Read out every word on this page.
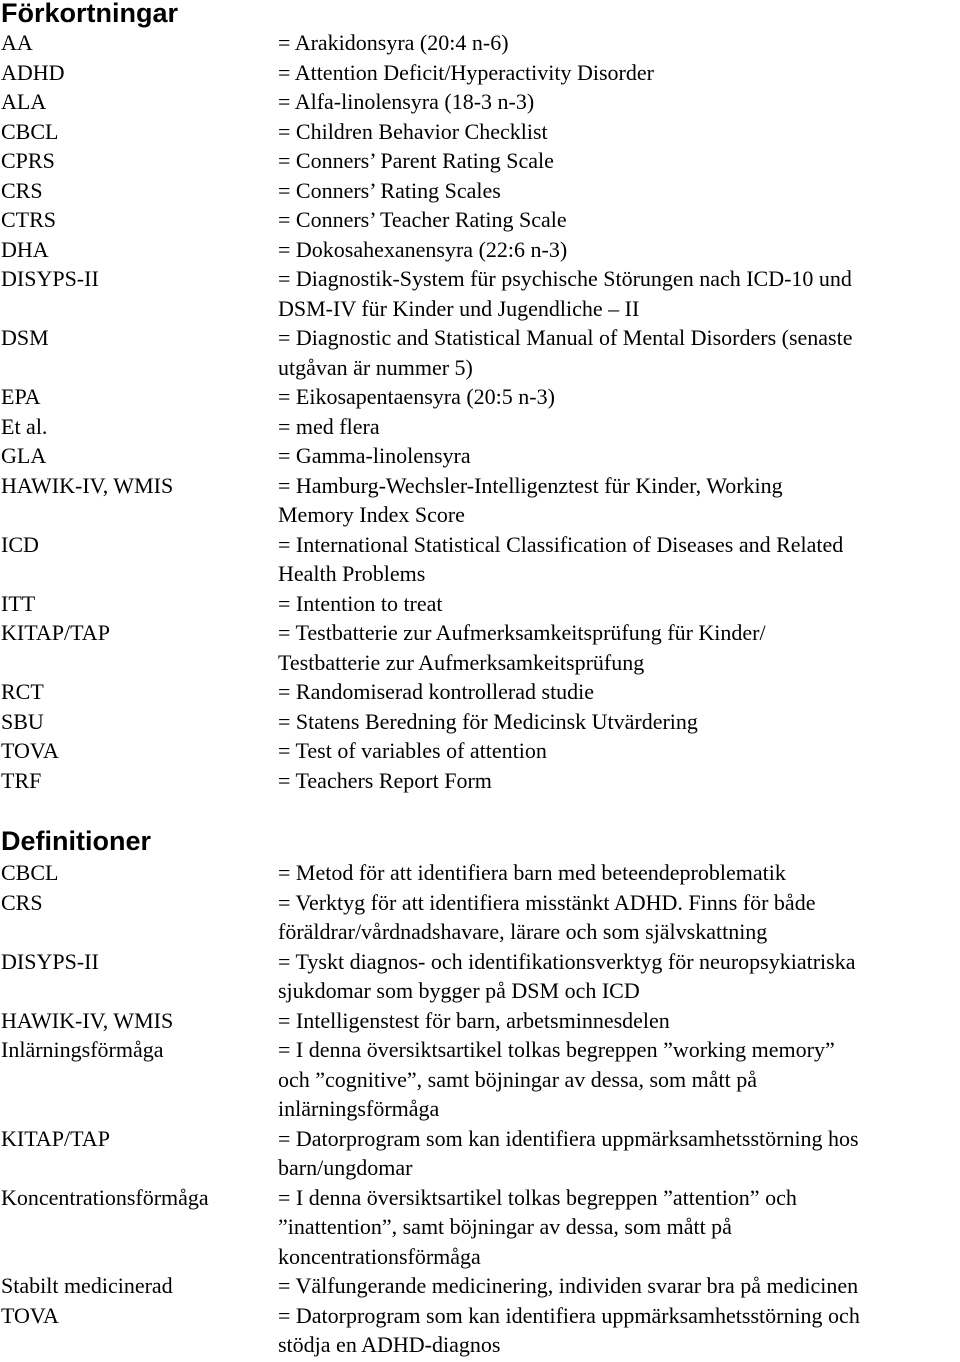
Förkortningar
AA	= Arakidonsyra (20:4 n-6)
ADHD	= Attention Deficit/Hyperactivity Disorder
ALA	= Alfa-linolensyra (18-3 n-3)
CBCL	= Children Behavior Checklist
CPRS	= Conners’ Parent Rating Scale
CRS	= Conners’ Rating Scales
CTRS	= Conners’ Teacher Rating Scale
DHA	= Dokosahexanensyra (22:6 n-3)
DISYPS-II	= Diagnostik-System für psychische Störungen nach ICD-10 und
DSM-IV für Kinder und Jugendliche – II
DSM	= Diagnostic and Statistical Manual of Mental Disorders (senaste
utgåvan är nummer 5)
EPA	= Eikosapentaensyra (20:5 n-3)
Et al.	= med flera
GLA	= Gamma-linolensyra
HAWIK-IV, WMIS	= Hamburg-Wechsler-Intelligenztest für Kinder, Working
Memory Index Score
ICD	= International Statistical Classification of Diseases and Related
Health Problems
ITT	= Intention to treat
KITAP/TAP	= Testbatterie zur Aufmerksamkeitsprüfung für Kinder/
Testbatterie zur Aufmerksamkeitsprüfung
RCT	= Randomiserad kontrollerad studie
SBU	= Statens Beredning för Medicinsk Utvärdering
TOVA	= Test of variables of attention
TRF	= Teachers Report Form
Definitioner
CBCL	= Metod för att identifiera barn med beteendeproblematik
CRS	= Verktyg för att identifiera misstänkt ADHD. Finns för både
föräldrar/vårdnadshavare, lärare och som självskattning
DISYPS-II	= Tyskt diagnos- och identifikationsverktyg för neuropsykiatriska
sjukdomar som bygger på DSM och ICD
HAWIK-IV, WMIS	= Intelligenstest för barn, arbetsminnesdelen
Inlärningsförmåga	= I denna översiktsartikel tolkas begreppen ”working memory”
och ”cognitive”, samt böjningar av dessa, som mått på
inlärningsförmåga
KITAP/TAP	= Datorprogram som kan identifiera uppmärksamhetsstörning hos
barn/ungdomar
Koncentrationsförmåga	= I denna översiktsartikel tolkas begreppen ”attention” och
”inattention”, samt böjningar av dessa, som mått på
koncentrationsförmåga
Stabilt medicinerad	= Välfungerande medicinering, individen svarar bra på medicinen
TOVA	= Datorprogram som kan identifiera uppmärksamhetsstörning och
stödja en ADHD-diagnos
